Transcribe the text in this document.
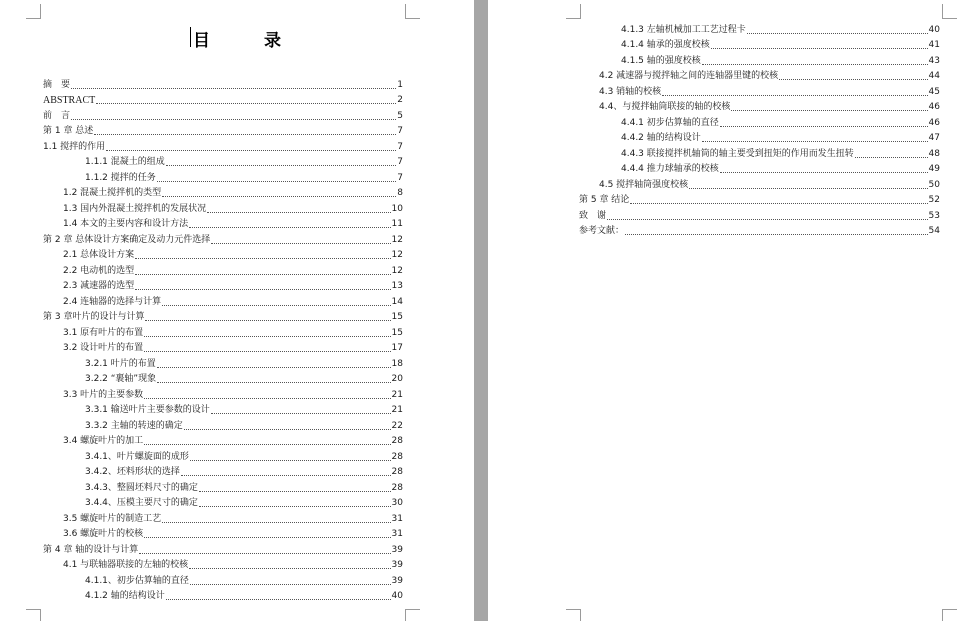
目 录
摘　要	1
ABSTRACT	2
前　言	5
第 1 章 总述	7
1.1 搅拌的作用	7
1.1.1 混凝土的组成	7
1.1.2 搅拌的任务	7
1.2 混凝土搅拌机的类型	8
1.3 国内外混凝土搅拌机的发展状况	10
1.4 本文的主要内容和设计方法	11
第 2 章 总体设计方案确定及动力元件选择	12
2.1 总体设计方案	12
2.2 电动机的选型	12
2.3 减速器的选型	13
2.4 连轴器的选择与计算	14
第 3 章叶片的设计与计算	15
3.1 原有叶片的布置	15
3.2 设计叶片的布置	17
3.2.1 叶片的布置	18
3.2.2 “裹轴”现象	20
3.3 叶片的主要参数	21
3.3.1 输送叶片主要参数的设计	21
3.3.2 主轴的转速的确定	22
3.4 螺旋叶片的加工	28
3.4.1、叶片螺旋面的成形	28
3.4.2、坯料形状的选择	28
3.4.3、整圆坯料尺寸的确定	28
3.4.4、压模主要尺寸的确定	30
3.5 螺旋叶片的制造工艺	31
3.6 螺旋叶片的校核	31
第 4 章 轴的设计与计算	39
4.1 与联轴器联接的左轴的校核	39
4.1.1、初步估算轴的直径	39
4.1.2 轴的结构设计	40
4.1.3 左轴机械加工工艺过程卡	40
4.1.4 轴承的强度校核	41
4.1.5 轴的强度校核	43
4.2 减速器与搅拌轴之间的连轴器里键的校核	44
4.3 销轴的校核	45
4.4、与搅拌轴筒联接的轴的校核	46
4.4.1 初步估算轴的直径	46
4.4.2 轴的结构设计	47
4.4.3 联接搅拌机轴筒的轴主要受到扭矩的作用而发生扭转	48
4.4.4 推力球轴承的校核	49
4.5 搅拌轴筒强度校核	50
第 5 章 结论	52
致　谢	53
参考文献：	54
